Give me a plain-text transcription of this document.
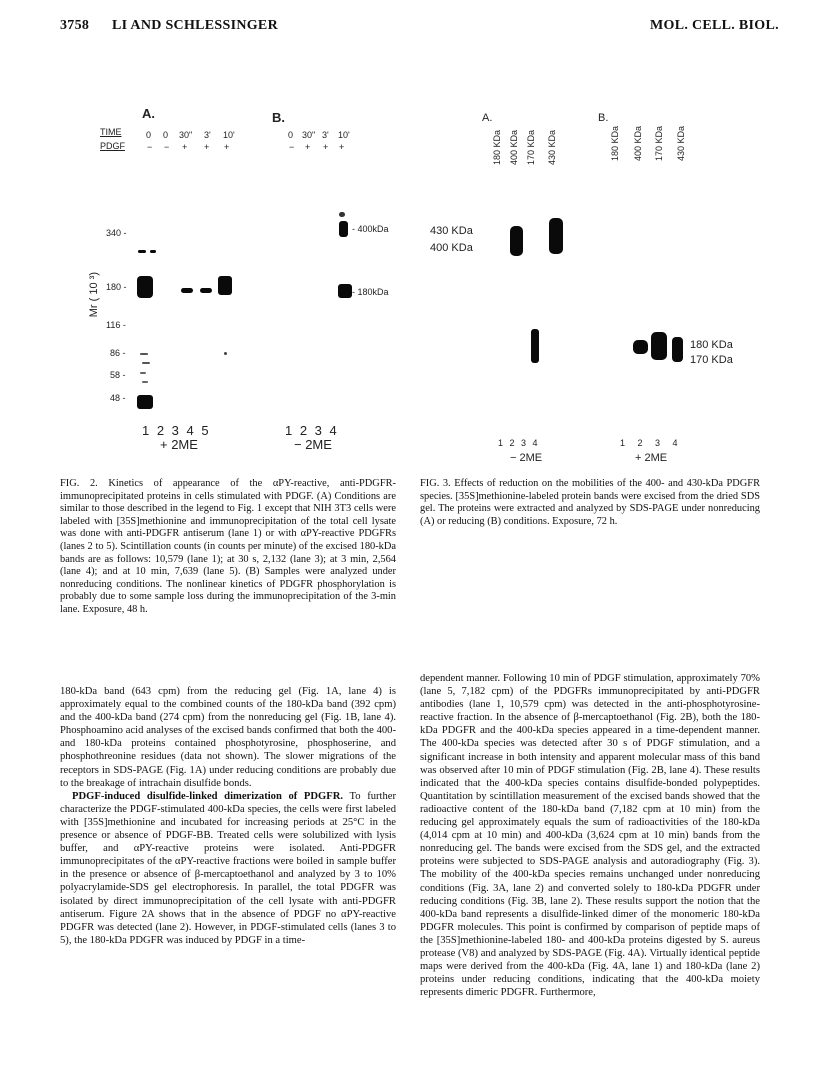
3758 LI AND SCHLESSINGER	MOL. CELL. BIOL.
A.	B.
TIME
PDGF
0 0 30" 3' 10'
− − + + +
0 30" 3' 10'
− + + +
Mr ( 10 ³)
340 -
180 -
116 -
86 -
58 -
48 -
- 400kDa
- 180kDa
1 2 3 4 5
+ 2ME
1 2 3 4
− 2ME
A.	B.
180 KDa 400 KDa 170 KDa 430 KDa	180 KDa 400 KDa 170 KDa 430 KDa
430 KDa
400 KDa
180 KDa
170 KDa
1 2 3 4
− 2ME
1 2 3 4
+ 2ME
FIG. 2. Kinetics of appearance of the αPY-reactive, anti-PDGFR-immunoprecipitated proteins in cells stimulated with PDGF. (A) Conditions are similar to those described in the legend to Fig. 1 except that NIH 3T3 cells were labeled with [35S]methionine and immunoprecipitation of the total cell lysate was done with anti-PDGFR antiserum (lane 1) or with αPY-reactive PDGFRs (lanes 2 to 5). Scintillation counts (in counts per minute) of the excised 180-kDa bands are as follows: 10,579 (lane 1); at 30 s, 2,132 (lane 3); at 3 min, 2,564 (lane 4); and at 10 min, 7,639 (lane 5). (B) Samples were analyzed under nonreducing conditions. The nonlinear kinetics of PDGFR phosphorylation is probably due to some sample loss during the immunoprecipitation of the 3-min lane. Exposure, 48 h.
FIG. 3. Effects of reduction on the mobilities of the 400- and 430-kDa PDGFR species. [35S]methionine-labeled protein bands were excised from the dried SDS gel. The proteins were extracted and analyzed by SDS-PAGE under nonreducing (A) or reducing (B) conditions. Exposure, 72 h.

180-kDa band (643 cpm) from the reducing gel (Fig. 1A, lane 4) is approximately equal to the combined counts of the 180-kDa band (392 cpm) and the 400-kDa band (274 cpm) from the nonreducing gel (Fig. 1B, lane 4). Phosphoamino acid analyses of the excised bands confirmed that both the 400- and 180-kDa proteins contained phosphotyrosine, phosphoserine, and phosphothreonine residues (data not shown). The slower migrations of the receptors in SDS-PAGE (Fig. 1A) under reducing conditions are probably due to the breakage of intrachain disulfide bonds.

PDGF-induced disulfide-linked dimerization of PDGFR. To further characterize the PDGF-stimulated 400-kDa species, the cells were first labeled with [35S]methionine and incubated for increasing periods at 25°C in the presence or absence of PDGF-BB. Treated cells were solubilized with lysis buffer, and αPY-reactive proteins were isolated. Anti-PDGFR immunoprecipitates of the αPY-reactive fractions were boiled in sample buffer in the presence or absence of β-mercaptoethanol and analyzed by 3 to 10% polyacrylamide-SDS gel electrophoresis. In parallel, the total PDGFR was isolated by direct immunoprecipitation of the cell lysate with anti-PDGFR antiserum. Figure 2A shows that in the absence of PDGF no αPY-reactive PDGFR was detected (lane 2). However, in PDGF-stimulated cells (lanes 3 to 5), the 180-kDa PDGFR was induced by PDGF in a time-

dependent manner. Following 10 min of PDGF stimulation, approximately 70% (lane 5, 7,182 cpm) of the PDGFRs immunoprecipitated by anti-PDGFR antibodies (lane 1, 10,579 cpm) was detected in the anti-phosphotyrosine-reactive fraction. In the absence of β-mercaptoethanol (Fig. 2B), both the 180-kDa PDGFR and the 400-kDa species appeared in a time-dependent manner. The 400-kDa species was detected after 30 s of PDGF stimulation, and a significant increase in both intensity and apparent molecular mass of this band was observed after 10 min of PDGF stimulation (Fig. 2B, lane 4). These results indicated that the 400-kDa species contains disulfide-bonded polypeptides. Quantitation by scintillation measurement of the excised bands showed that the radioactive content of the 180-kDa band (7,182 cpm at 10 min) from the reducing gel approximately equals the sum of radioactivities of the 180-kDa (4,014 cpm at 10 min) and 400-kDa (3,624 cpm at 10 min) bands from the nonreducing gel. The bands were excised from the SDS gel, and the extracted proteins were subjected to SDS-PAGE analysis and autoradiography (Fig. 3). The mobility of the 400-kDa species remains unchanged under nonreducing conditions (Fig. 3A, lane 2) and converted solely to 180-kDa PDGFR under reducing conditions (Fig. 3B, lane 2). These results support the notion that the 400-kDa band represents a disulfide-linked dimer of the monomeric 180-kDa PDGFR molecules. This point is confirmed by comparison of peptide maps of the [35S]methionine-labeled 180- and 400-kDa proteins digested by S. aureus protease (V8) and analyzed by SDS-PAGE (Fig. 4A). Virtually identical peptide maps were derived from the 400-kDa (Fig. 4A, lane 1) and 180-kDa (lane 2) proteins under reducing conditions, indicating that the 400-kDa moiety represents dimeric PDGFR. Furthermore,
